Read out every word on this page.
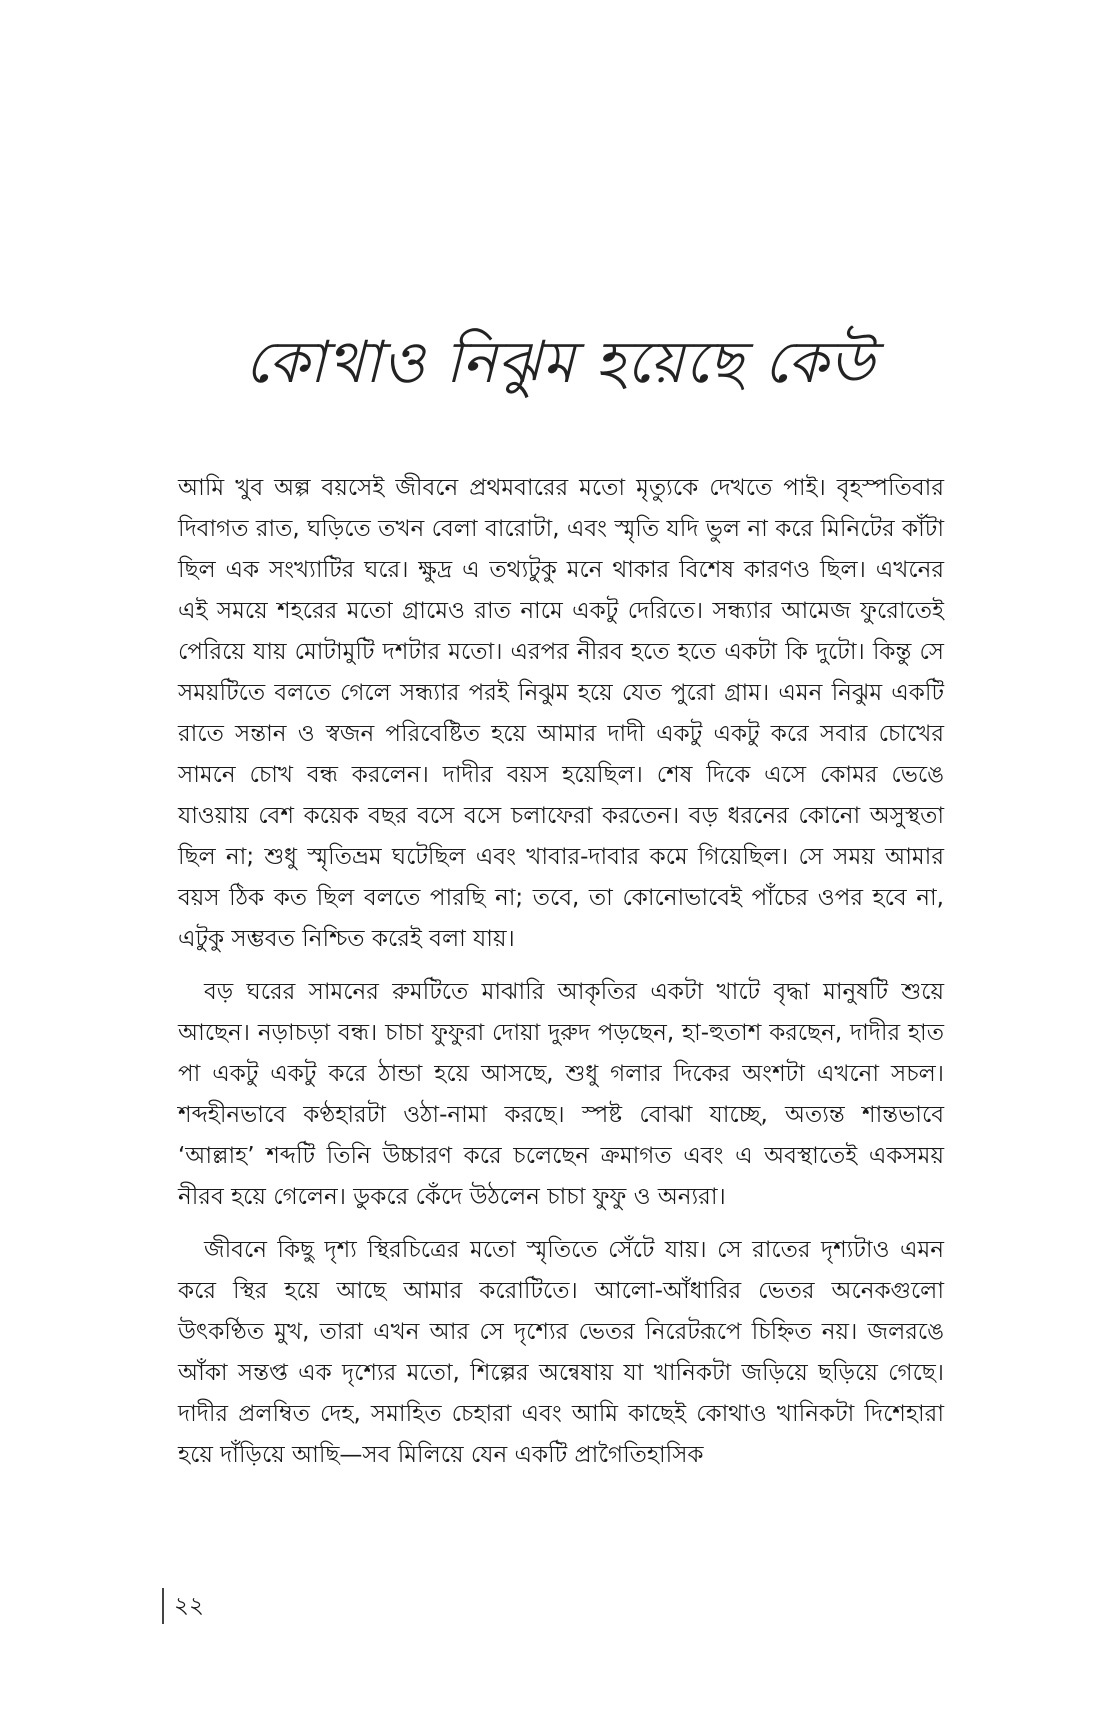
কোথাও নিঝুম হয়েছে কেউ

আমি খুব অল্প বয়সেই জীবনে প্রথমবারের মতো মৃত্যুকে দেখতে পাই। বৃহস্পতিবার দিবাগত রাত, ঘড়িতে তখন বেলা বারোটা, এবং স্মৃতি যদি ভুল না করে মিনিটের কাঁটা ছিল এক সংখ্যাটির ঘরে। ক্ষুদ্র এ তথ্যটুকু মনে থাকার বিশেষ কারণও ছিল। এখনের এই সময়ে শহরের মতো গ্রামেও রাত নামে একটু দেরিতে। সন্ধ্যার আমেজ ফুরোতেই পেরিয়ে যায় মোটামুটি দশটার মতো। এরপর নীরব হতে হতে একটা কি দুটো। কিন্তু সে সময়টিতে বলতে গেলে সন্ধ্যার পরই নিঝুম হয়ে যেত পুরো গ্রাম। এমন নিঝুম একটি রাতে সন্তান ও স্বজন পরিবেষ্টিত হয়ে আমার দাদী একটু একটু করে সবার চোখের সামনে চোখ বন্ধ করলেন। দাদীর বয়স হয়েছিল। শেষ দিকে এসে কোমর ভেঙে যাওয়ায় বেশ কয়েক বছর বসে বসে চলাফেরা করতেন। বড় ধরনের কোনো অসুস্থতা ছিল না; শুধু স্মৃতিভ্রম ঘটেছিল এবং খাবার-দাবার কমে গিয়েছিল। সে সময় আমার বয়স ঠিক কত ছিল বলতে পারছি না; তবে, তা কোনোভাবেই পাঁচের ওপর হবে না, এটুকু সম্ভবত নিশ্চিত করেই বলা যায়।

বড় ঘরের সামনের রুমটিতে মাঝারি আকৃতির একটা খাটে বৃদ্ধা মানুষটি শুয়ে আছেন। নড়াচড়া বন্ধ। চাচা ফুফুরা দোয়া দুরুদ পড়ছেন, হা-হুতাশ করছেন, দাদীর হাত পা একটু একটু করে ঠান্ডা হয়ে আসছে, শুধু গলার দিকের অংশটা এখনো সচল। শব্দহীনভাবে কণ্ঠহারটা ওঠা-নামা করছে। স্পষ্ট বোঝা যাচ্ছে, অত্যন্ত শান্তভাবে ‘আল্লাহ’ শব্দটি তিনি উচ্চারণ করে চলেছেন ক্রমাগত এবং এ অবস্থাতেই একসময় নীরব হয়ে গেলেন। ডুকরে কেঁদে উঠলেন চাচা ফুফু ও অন্যরা।

জীবনে কিছু দৃশ্য স্থিরচিত্রের মতো স্মৃতিতে সেঁটে যায়। সে রাতের দৃশ্যটাও এমন করে স্থির হয়ে আছে আমার করোটিতে। আলো-আঁধারির ভেতর অনেকগুলো উৎকণ্ঠিত মুখ, তারা এখন আর সে দৃশ্যের ভেতর নিরেটরূপে চিহ্নিত নয়। জলরঙে আঁকা সন্তপ্ত এক দৃশ্যের মতো, শিল্পের অন্বেষায় যা খানিকটা জড়িয়ে ছড়িয়ে গেছে। দাদীর প্রলম্বিত দেহ, সমাহিত চেহারা এবং আমি কাছেই কোথাও খানিকটা দিশেহারা হয়ে দাঁড়িয়ে আছি—সব মিলিয়ে যেন একটি প্রাগৈতিহাসিক

২২
